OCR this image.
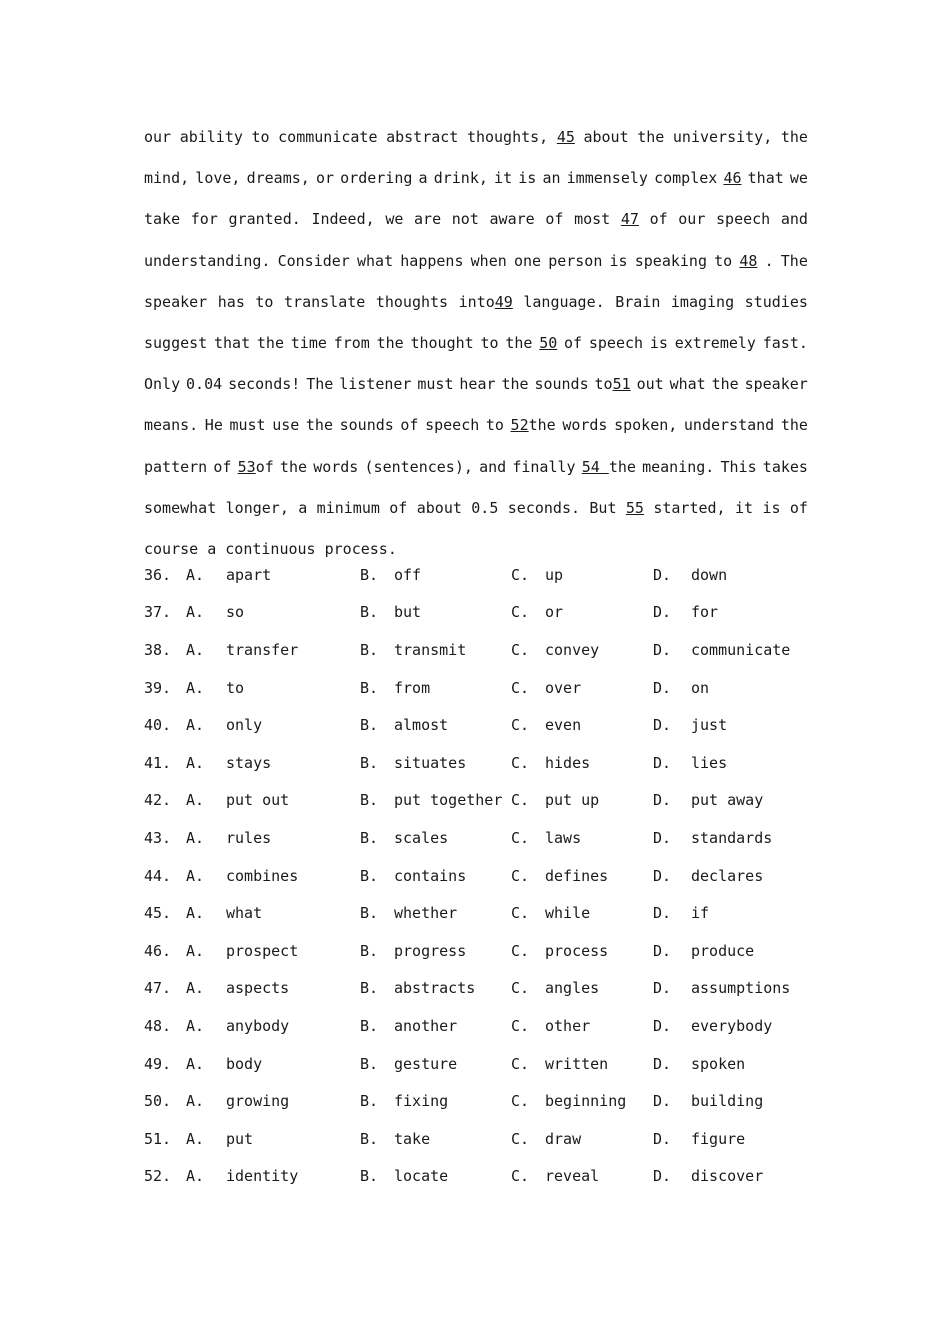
our ability to communicate abstract thoughts, 45 about the university, the
mind, love, dreams, or ordering a drink, it is an immensely complex 46 that we
take for granted. Indeed, we are not aware of most 47 of our speech and
understanding. Consider what happens when one person is speaking to 48 . The
speaker has to translate thoughts into49 language. Brain imaging studies
suggest that the time from the thought to the 50 of speech is extremely fast.
Only 0.04 seconds! The listener must hear the sounds to51 out what the speaker
means. He must use the sounds of speech to 52the words spoken, understand the
pattern of 53of the words (sentences), and finally 54 the meaning. This takes
somewhat longer, a minimum of about 0.5 seconds. But 55 started, it is of
course a continuous process.
36. A. apart	B. off	C. up	D. down
37. A. so	B. but	C. or	D. for
38. A. transfer	B. transmit	C. convey	D. communicate
39. A. to	B. from	C. over	D. on
40. A. only	B. almost	C. even	D. just
41. A. stays	B. situates	C. hides	D. lies
42. A. put out	B. put together C. put up	D. put away
43. A. rules	B. scales	C. laws	D. standards
44. A. combines	B. contains	C. defines	D. declares
45. A. what	B. whether	C. while	D. if
46. A. prospect	B. progress	C. process	D. produce
47. A. aspects	B. abstracts C. angles	D. assumptions
48. A. anybody	B. another	C. other	D. everybody
49. A. body	B. gesture	C. written	D. spoken
50. A. growing	B. fixing	C. beginning D. building
51. A. put	B. take	C. draw	D. figure
52. A. identity	B. locate	C. reveal	D. discover
